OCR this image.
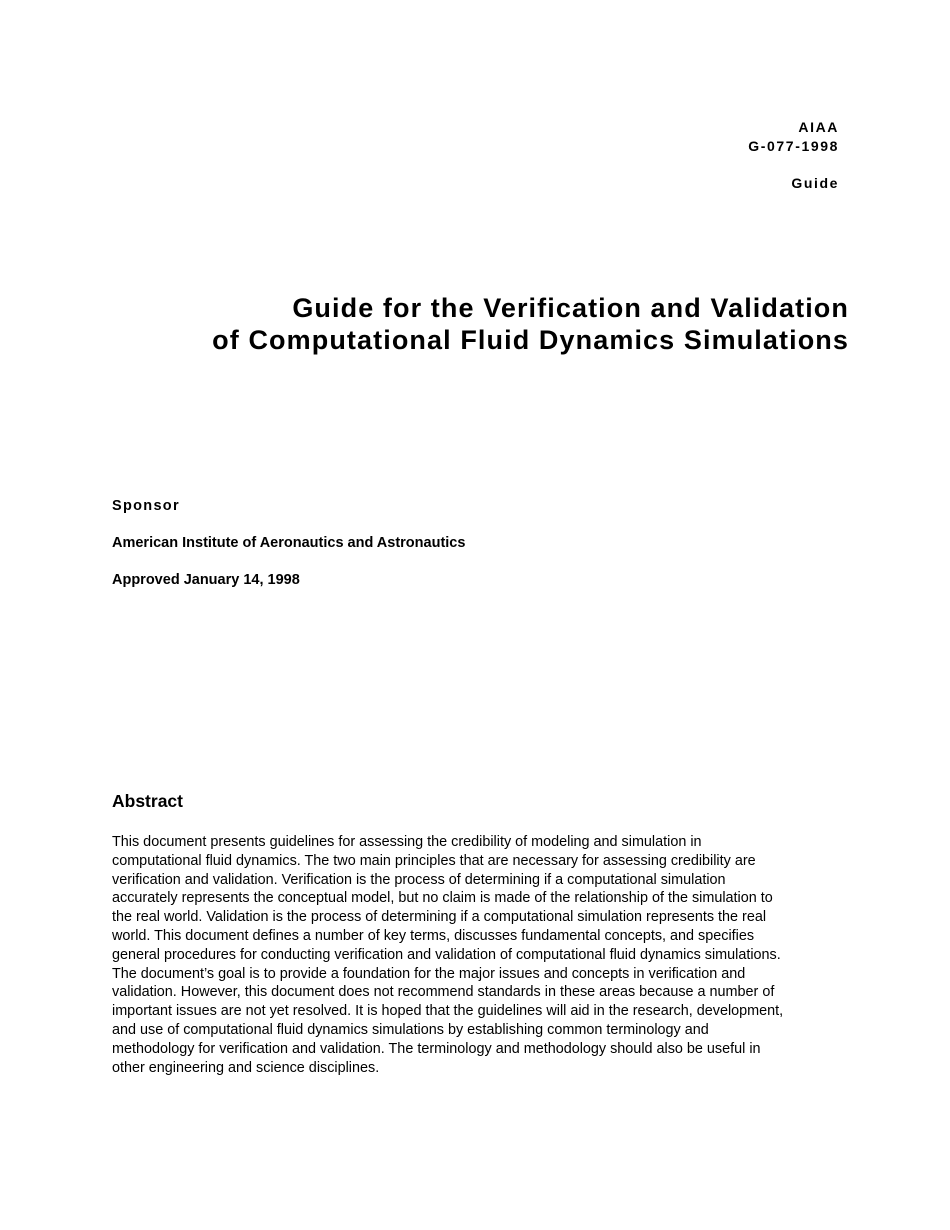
AIAA
G-077-1998
Guide
Guide for the Verification and Validation
of Computational Fluid Dynamics Simulations
Sponsor
American Institute of Aeronautics and Astronautics
Approved January 14, 1998
Abstract

This document presents guidelines for assessing the credibility of modeling and simulation in
computational fluid dynamics. The two main principles that are necessary for assessing credibility are
verification and validation. Verification is the process of determining if a computational simulation
accurately represents the conceptual model, but no claim is made of the relationship of the simulation to
the real world. Validation is the process of determining if a computational simulation represents the real
world. This document defines a number of key terms, discusses fundamental concepts, and specifies
general procedures for conducting verification and validation of computational fluid dynamics simulations.
The document’s goal is to provide a foundation for the major issues and concepts in verification and
validation. However, this document does not recommend standards in these areas because a number of
important issues are not yet resolved. It is hoped that the guidelines will aid in the research, development,
and use of computational fluid dynamics simulations by establishing common terminology and
methodology for verification and validation. The terminology and methodology should also be useful in
other engineering and science disciplines.
